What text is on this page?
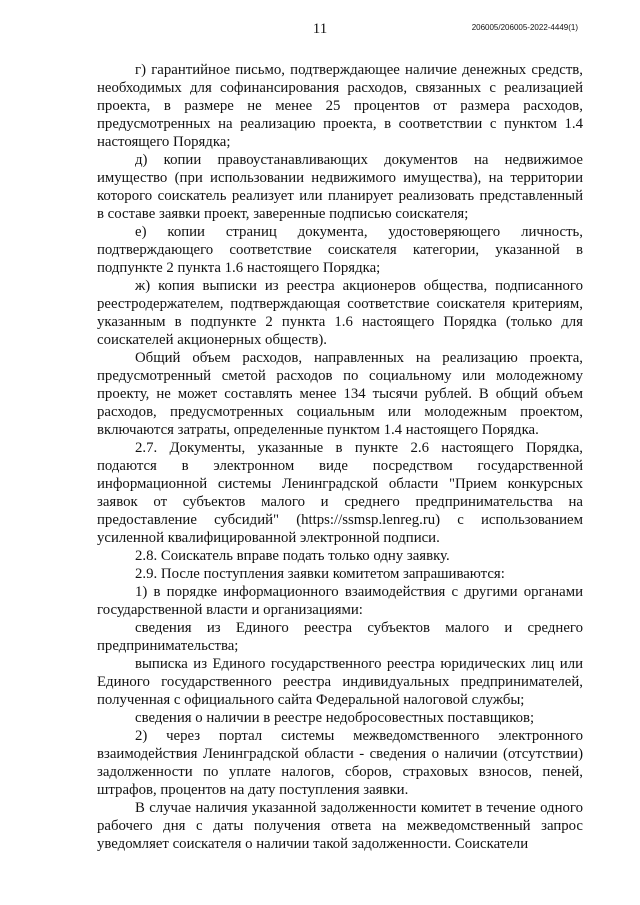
11	206005/206005-2022-4449(1)

г) гарантийное письмо, подтверждающее наличие денежных средств, необходимых для софинансирования расходов, связанных с реализацией проекта, в размере не менее 25 процентов от размера расходов, предусмотренных на реализацию проекта, в соответствии с пунктом 1.4 настоящего Порядка;

д) копии правоустанавливающих документов на недвижимое имущество (при использовании недвижимого имущества), на территории которого соискатель реализует или планирует реализовать представленный в составе заявки проект, заверенные подписью соискателя;

е) копии страниц документа, удостоверяющего личность, подтверждающего соответствие соискателя категории, указанной в подпункте 2 пункта 1.6 настоящего Порядка;

ж) копия выписки из реестра акционеров общества, подписанного реестродержателем, подтверждающая соответствие соискателя критериям, указанным в подпункте 2 пункта 1.6 настоящего Порядка (только для соискателей акционерных обществ).

Общий объем расходов, направленных на реализацию проекта, предусмотренный сметой расходов по социальному или молодежному проекту, не может составлять менее 134 тысячи рублей. В общий объем расходов, предусмотренных социальным или молодежным проектом, включаются затраты, определенные пунктом 1.4 настоящего Порядка.

2.7. Документы, указанные в пункте 2.6 настоящего Порядка, подаются в электронном виде посредством государственной информационной системы Ленинградской области "Прием конкурсных заявок от субъектов малого и среднего предпринимательства на предоставление субсидий" (https://ssmsp.lenreg.ru) с использованием усиленной квалифицированной электронной подписи.

2.8. Соискатель вправе подать только одну заявку.

2.9. После поступления заявки комитетом запрашиваются:

1) в порядке информационного взаимодействия с другими органами государственной власти и организациями:

сведения из Единого реестра субъектов малого и среднего предпринимательства;

выписка из Единого государственного реестра юридических лиц или Единого государственного реестра индивидуальных предпринимателей, полученная с официального сайта Федеральной налоговой службы;

сведения о наличии в реестре недобросовестных поставщиков;

2) через портал системы межведомственного электронного взаимодействия Ленинградской области - сведения о наличии (отсутствии) задолженности по уплате налогов, сборов, страховых взносов, пеней, штрафов, процентов на дату поступления заявки.

В случае наличия указанной задолженности комитет в течение одного рабочего дня с даты получения ответа на межведомственный запрос уведомляет соискателя о наличии такой задолженности. Соискатели
